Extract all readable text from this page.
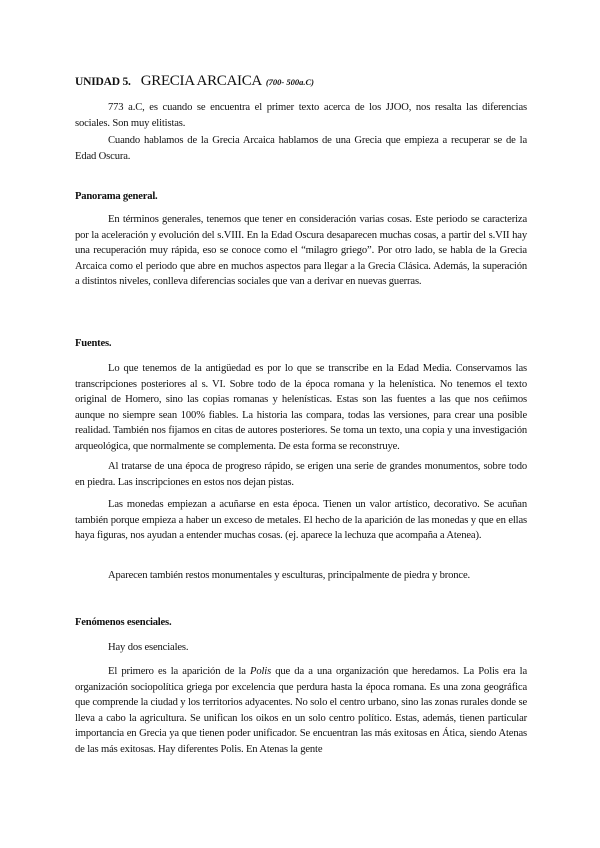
UNIDAD 5. GRECIA ARCAICA (700- 500a.C)

773 a.C, es cuando se encuentra el primer texto acerca de los JJOO, nos resalta las diferencias sociales. Son muy elitistas.

Cuando hablamos de la Grecia Arcaica hablamos de una Grecia que empieza a recuperar se de la Edad Oscura.

Panorama general.

En términos generales, tenemos que tener en consideración varias cosas. Este periodo se caracteriza por la aceleración y evolución del s.VIII. En la Edad Oscura desaparecen muchas cosas, a partir del s.VII hay una recuperación muy rápida, eso se conoce como el “milagro griego”. Por otro lado, se habla de la Grecia Arcaica como el periodo que abre en muchos aspectos para llegar a la Grecia Clásica. Además, la superación a distintos niveles, conlleva diferencias sociales que van a derivar en nuevas guerras.

Fuentes.

Lo que tenemos de la antigüedad es por lo que se transcribe en la Edad Media. Conservamos las transcripciones posteriores al s. VI. Sobre todo de la época romana y la helenística. No tenemos el texto original de Homero, sino las copias romanas y helenísticas. Estas son las fuentes a las que nos ceñimos aunque no siempre sean 100% fiables. La historia las compara, todas las versiones, para crear una posible realidad. También nos fijamos en citas de autores posteriores. Se toma un texto, una copia y una investigación arqueológica, que normalmente se complementa. De esta forma se reconstruye.

Al tratarse de una época de progreso rápido, se erigen una serie de grandes monumentos, sobre todo en piedra. Las inscripciones en estos nos dejan pistas.

Las monedas empiezan a acuñarse en esta época. Tienen un valor artístico, decorativo. Se acuñan también porque empieza a haber un exceso de metales. El hecho de la aparición de las monedas y que en ellas haya figuras, nos ayudan a entender muchas cosas. (ej. aparece la lechuza que acompaña a Atenea).

Aparecen también restos monumentales y esculturas, principalmente de piedra y bronce.

Fenómenos esenciales.

Hay dos esenciales.

El primero es la aparición de la Polis que da a una organización que heredamos. La Polis era la organización sociopolítica griega por excelencia que perdura hasta la época romana. Es una zona geográfica que comprende la ciudad y los territorios adyacentes. No solo el centro urbano, sino las zonas rurales donde se lleva a cabo la agricultura. Se unifican los oikos en un solo centro político. Estas, además, tienen particular importancia en Grecia ya que tienen poder unificador. Se encuentran las más exitosas en Ática, siendo Atenas de las más exitosas. Hay diferentes Polis. En Atenas la gente
